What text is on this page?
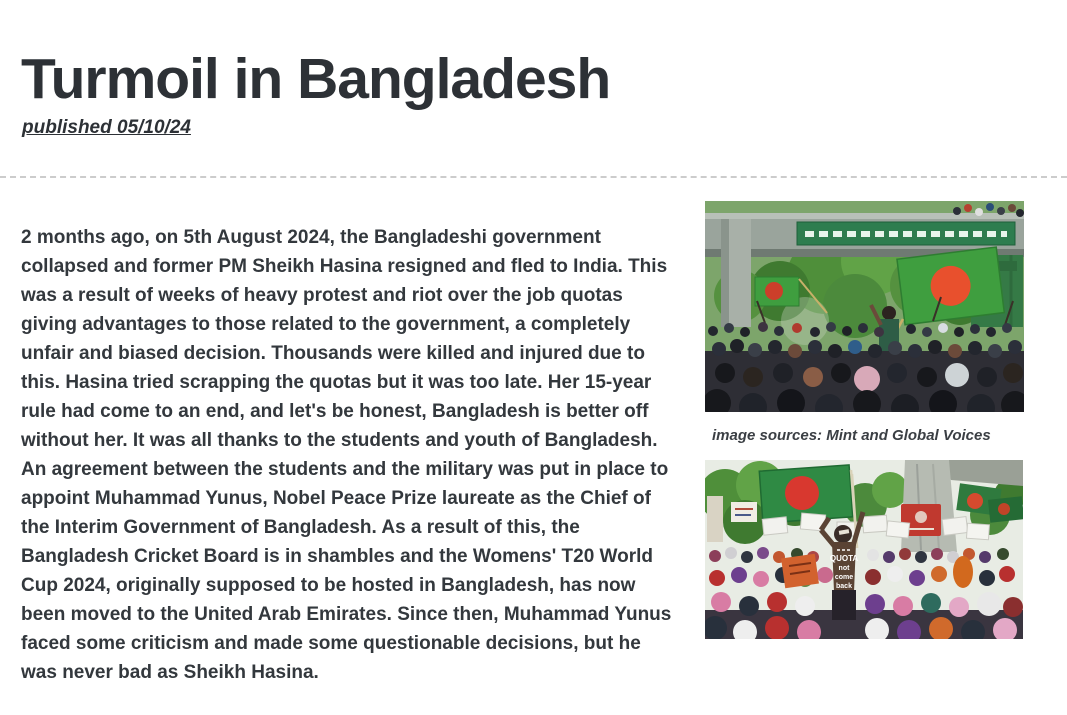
Turmoil in Bangladesh
published 05/10/24

2 months ago, on 5th August 2024, the Bangladeshi government collapsed and former PM Sheikh Hasina resigned and fled to India. This was a result of weeks of heavy protest and riot over the job quotas giving advantages to those related to the government, a completely unfair and biased decision. Thousands were killed and injured due to this. Hasina tried scrapping the quotas but it was too late. Her 15-year rule had come to an end, and let's be honest, Bangladesh is better off without her. It was all thanks to the students and youth of Bangladesh. An agreement between the students and the military was put in place to appoint Muhammad Yunus, Nobel Peace Prize laureate as the Chief of the Interim Government of Bangladesh. As a result of this, the Bangladesh Cricket Board is in shambles and the Womens' T20 World Cup 2024, originally supposed to be hosted in Bangladesh, has now been moved to the United Arab Emirates. Since then, Muhammad Yunus faced some criticism and made some questionable decisions, but he was never bad as Sheikh Hasina.

image sources: Mint and Global Voices
QUOTA
not
come
back
